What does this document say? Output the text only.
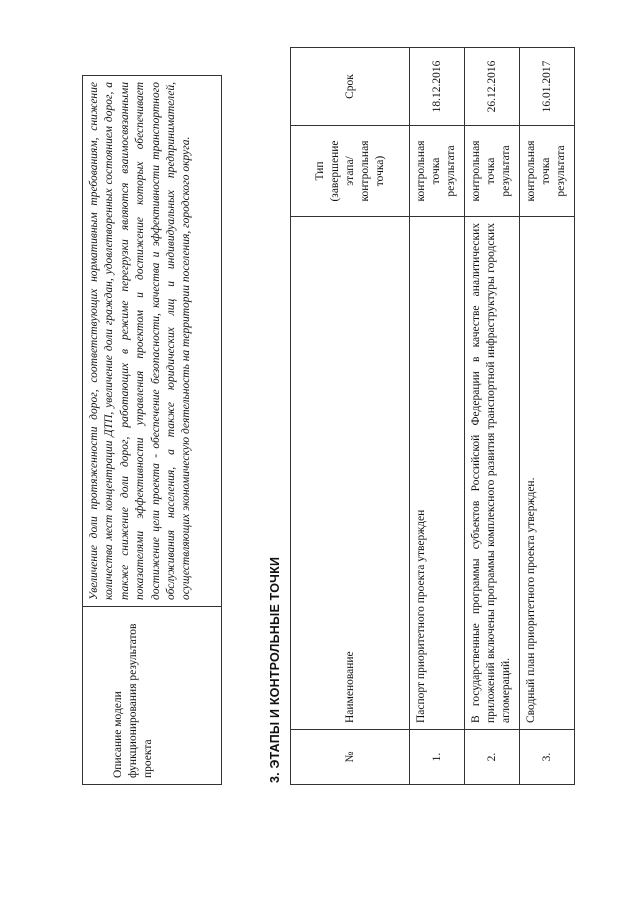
Описание модели функционирования результатов проекта	Увеличение доли протяженности дорог, соответствующих нормативным требованиям, снижение количества мест концентрации ДТП, увеличение доли граждан, удовлетворенных состоянием дорог, а также снижение доли дорог, работающих в режиме перегрузки являются взаимосвязанными показателями эффективности управления проектом и достижение которых обеспечивает достижение цели проекта - обеспечение безопасности, качества и эффективности транспортного обслуживания населения, а также юридических лиц и индивидуальных предпринимателей, осуществляющих экономическую деятельность на территории поселения, городского округа.
3. ЭТАПЫ И КОНТРОЛЬНЫЕ ТОЧКИ	№	Наименование	Тип (завершение этапа/контрольная точка)	Срок
1.	Паспорт приоритетного проекта утвержден	контрольная точка результата	18.12.2016
2.	В государственные программы субъектов Российской Федерации в качестве аналитических приложений включены программы комплексного развития транспортной инфраструктуры городских агломераций.	контрольная точка результата	26.12.2016
3.	Сводный план приоритетного проекта утвержден.	контрольная точка результата	16.01.2017
